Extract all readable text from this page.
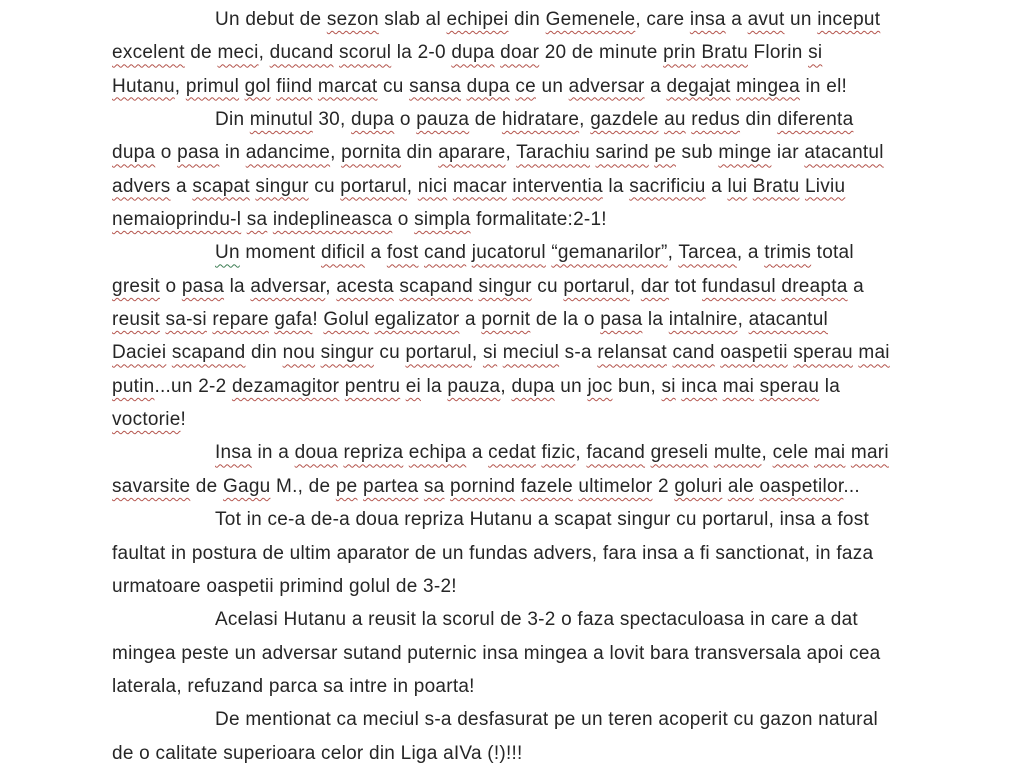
Un debut de sezon slab al echipei din Gemenele, care insa a avut un inceput
excelent de meci, ducand scorul la 2-0 dupa doar 20 de minute prin Bratu Florin si
Hutanu, primul gol fiind marcat cu sansa dupa ce un adversar a degajat mingea in el!
Din minutul 30, dupa o pauza de hidratare, gazdele au redus din diferenta
dupa o pasa in adancime, pornita din aparare, Tarachiu sarind pe sub minge iar atacantul
advers a scapat singur cu portarul, nici macar interventia la sacrificiu a lui Bratu Liviu
nemaioprindu-l sa indeplineasca o simpla formalitate:2-1!
Un moment dificil a fost cand jucatorul “gemanarilor”, Tarcea, a trimis total
gresit o pasa la adversar, acesta scapand singur cu portarul, dar tot fundasul dreapta a
reusit sa-si repare gafa! Golul egalizator a pornit de la o pasa la intalnire, atacantul
Daciei scapand din nou singur cu portarul, si meciul s-a relansat cand oaspetii sperau mai
putin...un 2-2 dezamagitor pentru ei la pauza, dupa un joc bun, si inca mai sperau la
voctorie!
Insa in a doua repriza echipa a cedat fizic, facand greseli multe, cele mai mari
savarsite de Gagu M., de pe partea sa pornind fazele ultimelor 2 goluri ale oaspetilor...
Tot in ce-a de-a doua repriza Hutanu a scapat singur cu portarul, insa a fost
faultat in postura de ultim aparator de un fundas advers, fara insa a fi sanctionat, in faza
urmatoare oaspetii primind golul de 3-2!
Acelasi Hutanu a reusit la scorul de 3-2 o faza spectaculoasa in care a dat
mingea peste un adversar sutand puternic insa mingea a lovit bara transversala apoi cea
laterala, refuzand parca sa intre in poarta!
De mentionat ca meciul s-a desfasurat pe un teren acoperit cu gazon natural
de o calitate superioara celor din Liga aIVa (!)!!!
